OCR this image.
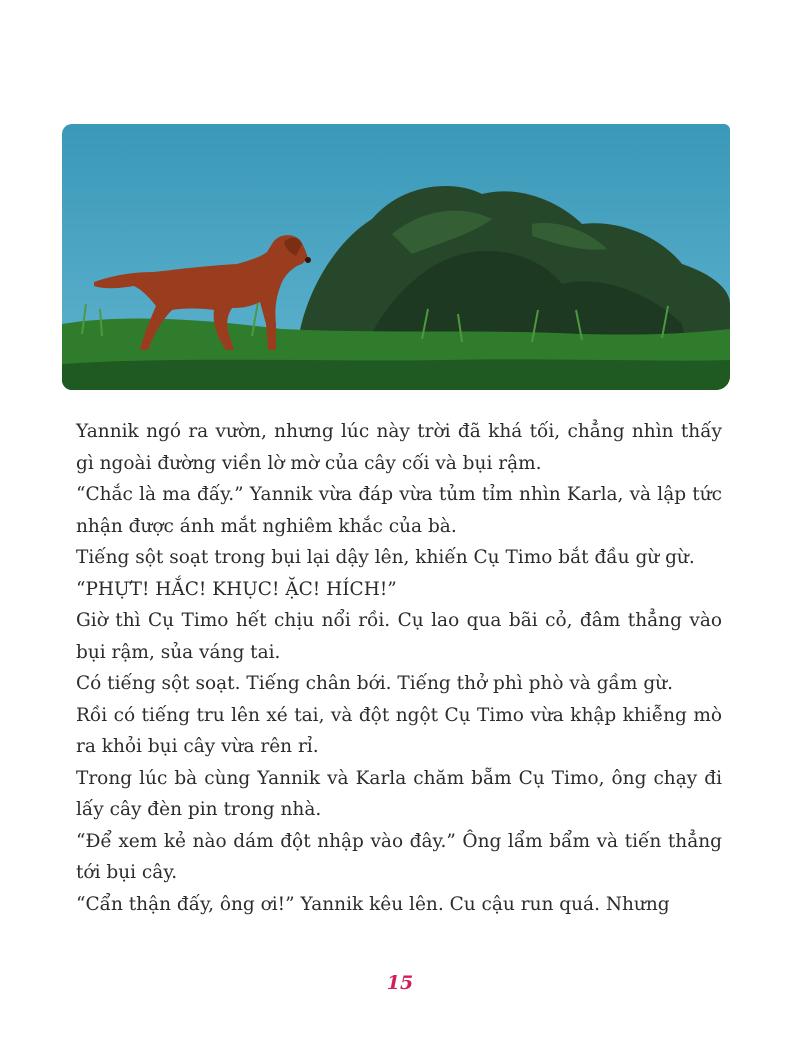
Yannik ngó ra vườn, nhưng lúc này trời đã khá tối, chẳng nhìn thấy gì ngoài đường viền lờ mờ của cây cối và bụi rậm.

“Chắc là ma đấy.” Yannik vừa đáp vừa tủm tỉm nhìn Karla, và lập tức nhận được ánh mắt nghiêm khắc của bà.

Tiếng sột soạt trong bụi lại dậy lên, khiến Cụ Timo bắt đầu gừ gừ.

“PHỰT! HẮC! KHỤC! ẶC! HÍCH!”

Giờ thì Cụ Timo hết chịu nổi rồi. Cụ lao qua bãi cỏ, đâm thẳng vào bụi rậm, sủa váng tai.

Có tiếng sột soạt. Tiếng chân bới. Tiếng thở phì phò và gầm gừ.

Rồi có tiếng tru lên xé tai, và đột ngột Cụ Timo vừa khập khiễng mò ra khỏi bụi cây vừa rên rỉ.

Trong lúc bà cùng Yannik và Karla chăm bẵm Cụ Timo, ông chạy đi lấy cây đèn pin trong nhà.

“Để xem kẻ nào dám đột nhập vào đây.” Ông lẩm bẩm và tiến thẳng tới bụi cây.

“Cẩn thận đấy, ông ơi!” Yannik kêu lên. Cu cậu run quá. Nhưng

15
